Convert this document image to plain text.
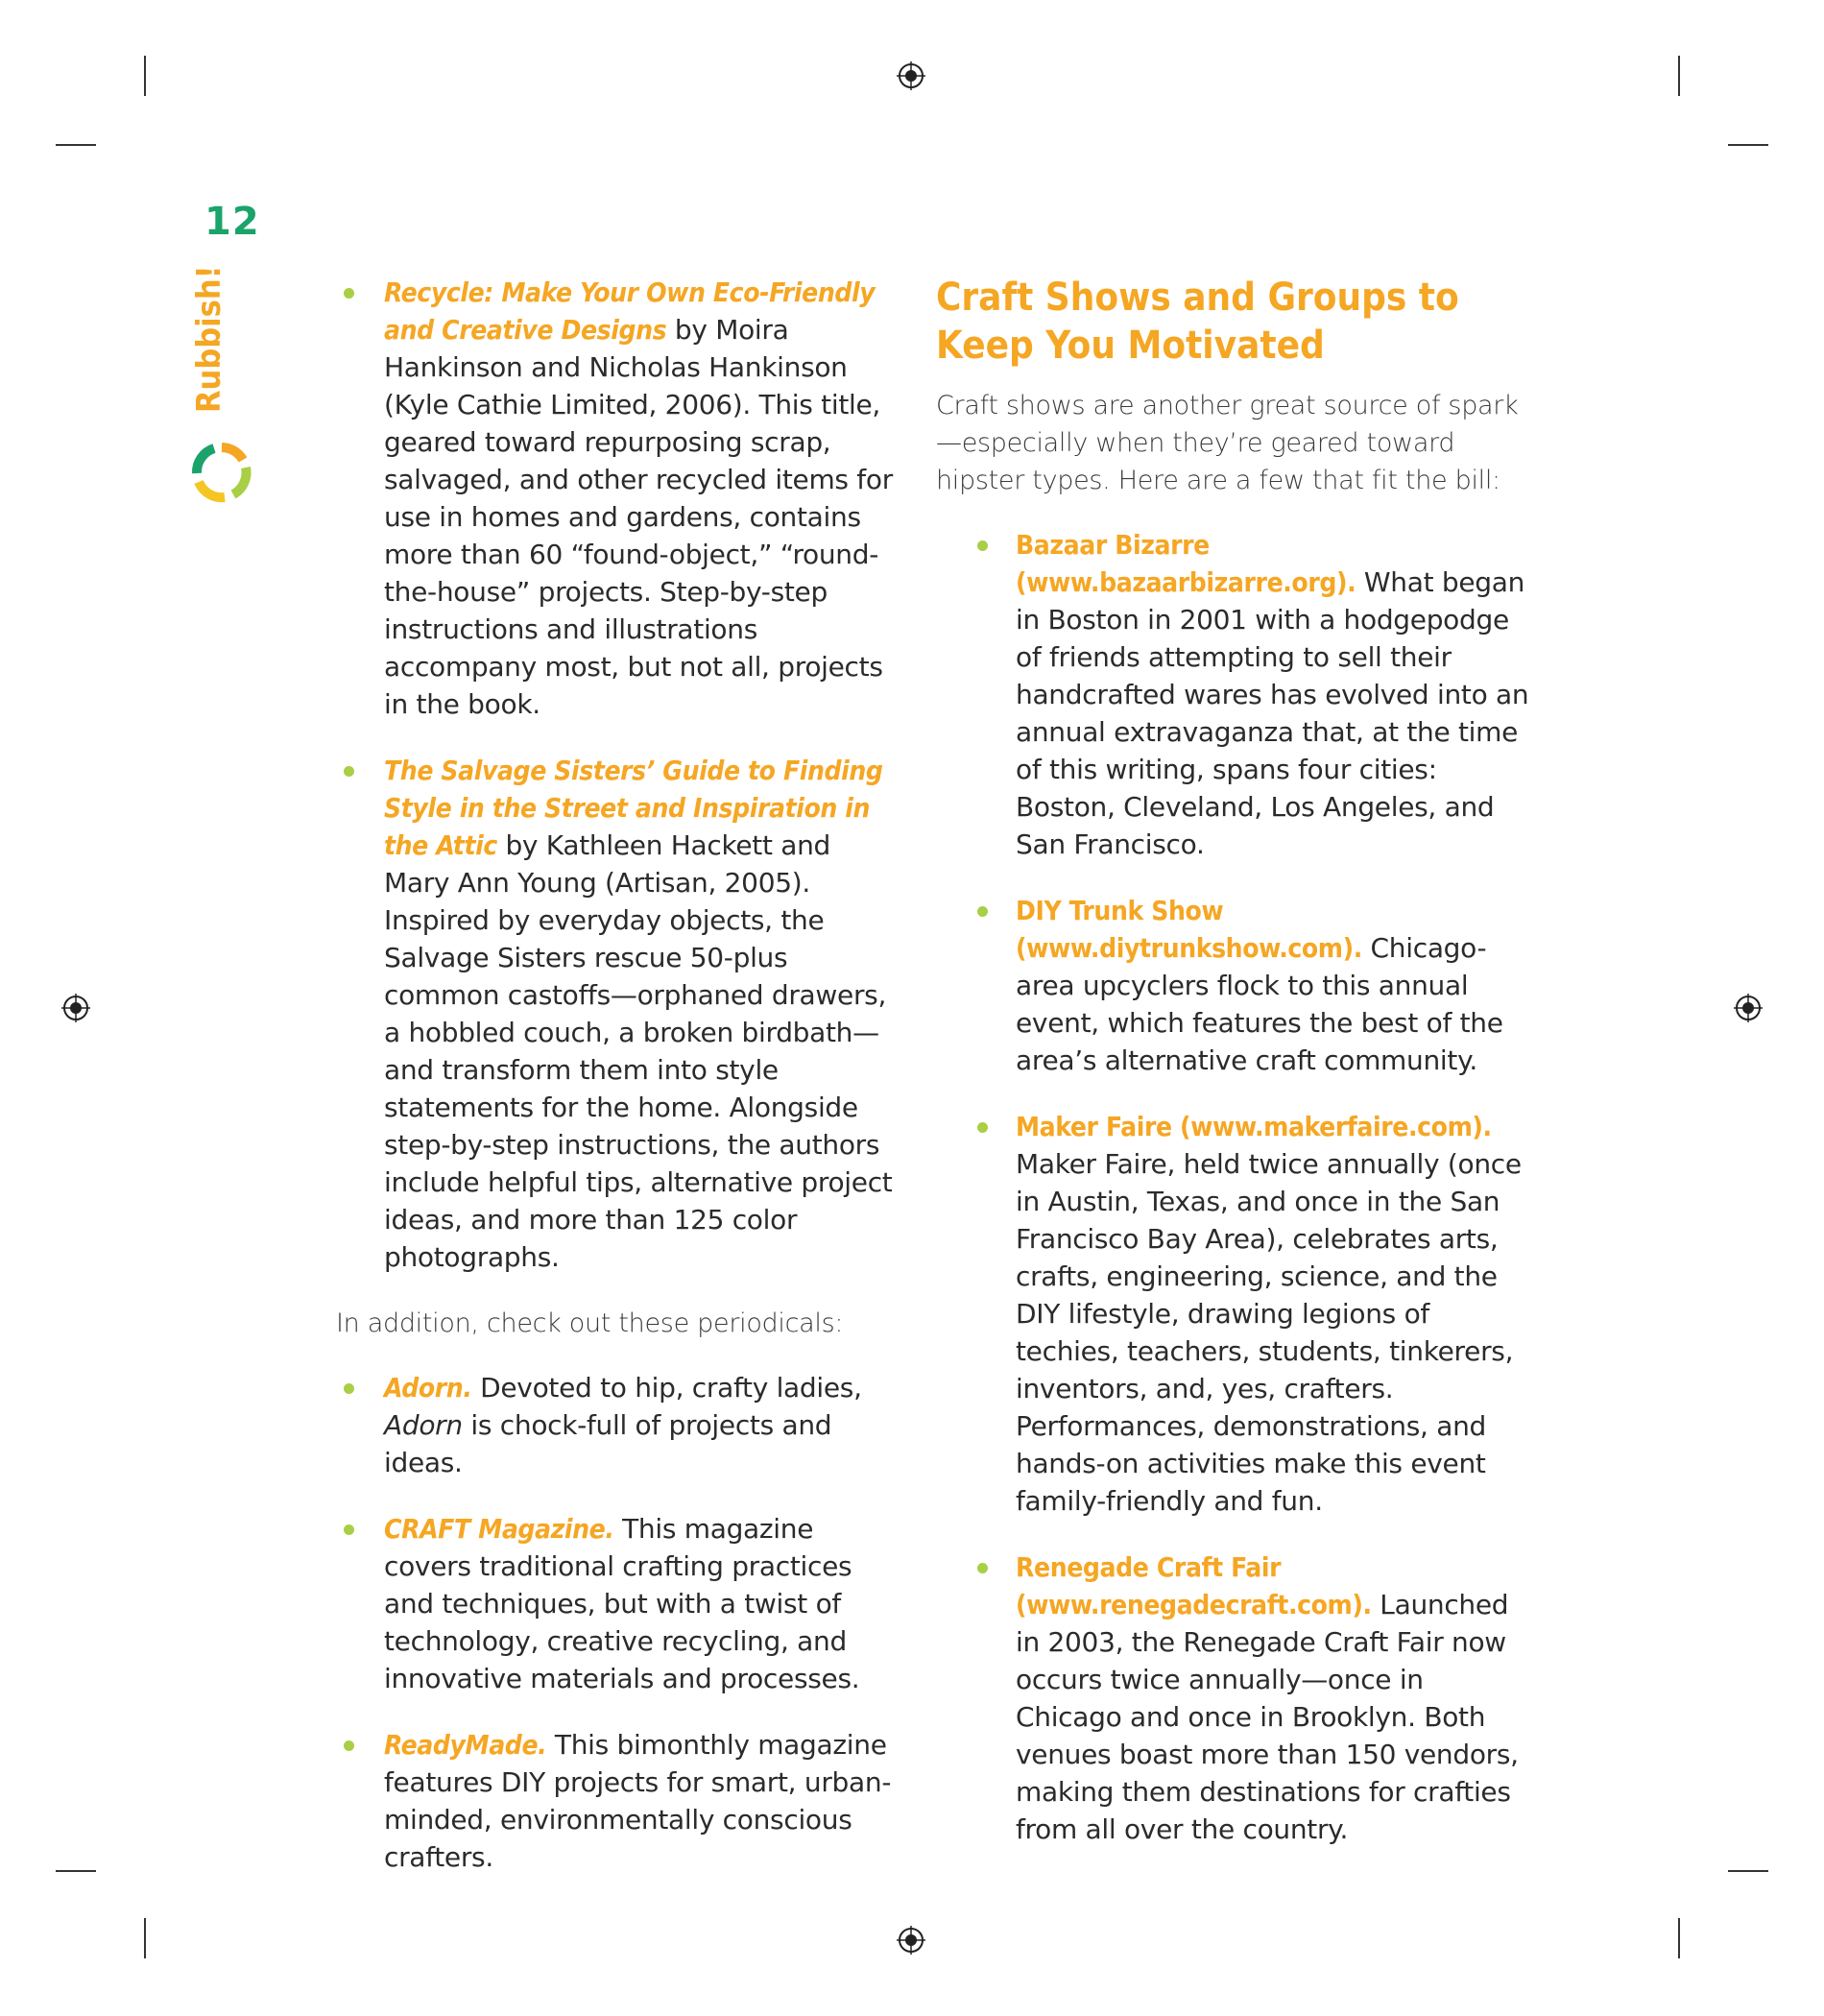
12
Rubbish!	Recycle: Make Your Own Eco-Friendly and Creative Designs by Moira Hankinson and Nicholas Hankinson (Kyle Cathie Limited, 2006). This title, geared toward repurposing scrap, salvaged, and other recycled items for use in homes and gardens, contains more than 60 “found-object,” “round-the-house” projects. Step-by-step instructions and illustrations accompany most, but not all, projects in the book.
The Salvage Sisters’ Guide to Finding Style in the Street and Inspiration in the Attic by Kathleen Hackett and Mary Ann Young (Artisan, 2005). Inspired by everyday objects, the Salvage Sisters rescue 50-plus common castoffs—orphaned drawers, a hobbled couch, a broken birdbath—and transform them into style statements for the home. Alongside step-by-step instructions, the authors include helpful tips, alternative project ideas, and more than 125 color photographs.

In addition, check out these periodicals:

Adorn. Devoted to hip, crafty ladies, Adorn is chock-full of projects and ideas.
CRAFT Magazine. This magazine covers traditional crafting practices and techniques, but with a twist of technology, creative recycling, and innovative materials and processes.
ReadyMade. This bimonthly magazine features DIY projects for smart, urban-minded, environmentally conscious crafters.
Craft Shows and Groups to Keep You Motivated

Craft shows are another great source of spark—especially when they’re geared toward hipster types. Here are a few that fit the bill:

Bazaar Bizarre (www.bazaarbizarre.org). What began in Boston in 2001 with a hodgepodge of friends attempting to sell their handcrafted wares has evolved into an annual extravaganza that, at the time of this writing, spans four cities: Boston, Cleveland, Los Angeles, and San Francisco.
DIY Trunk Show (www.diytrunkshow.com). Chicago-area upcyclers flock to this annual event, which features the best of the area’s alternative craft community.
Maker Faire (www.makerfaire.com). Maker Faire, held twice annually (once in Austin, Texas, and once in the San Francisco Bay Area), celebrates arts, crafts, engineering, science, and the DIY lifestyle, drawing legions of techies, teachers, students, tinkerers, inventors, and, yes, crafters. Performances, demonstrations, and hands-on activities make this event family-friendly and fun.
Renegade Craft Fair (www.renegadecraft.com). Launched in 2003, the Renegade Craft Fair now occurs twice annually—once in Chicago and once in Brooklyn. Both venues boast more than 150 vendors, making them destinations for crafties from all over the country.
